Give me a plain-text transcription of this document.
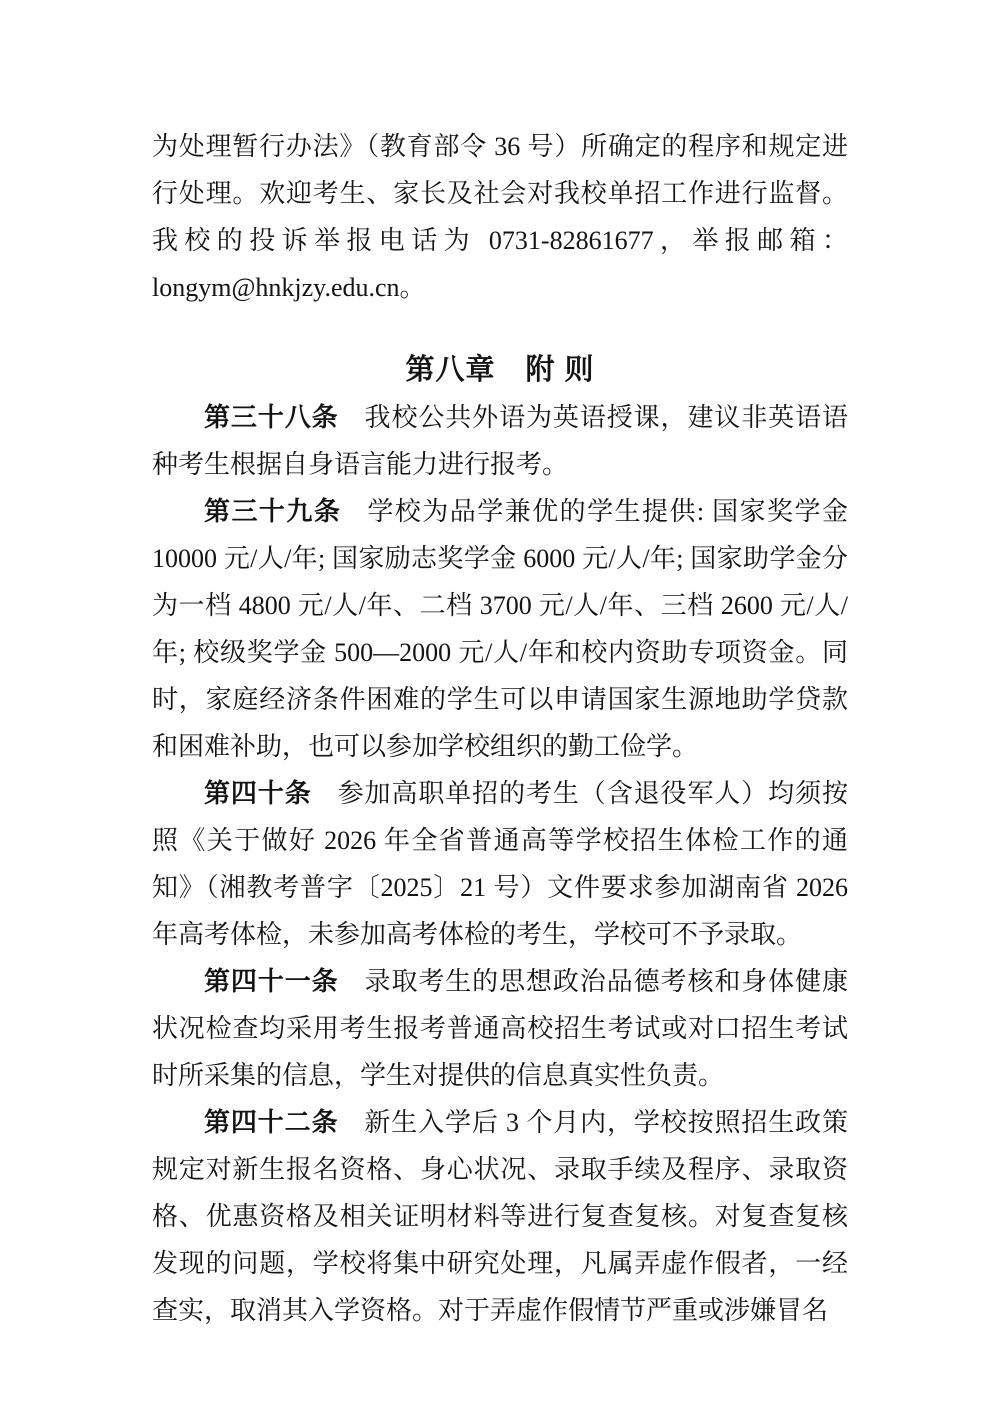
为处理暂行办法》（教育部令 36 号）所确定的程序和规定进行处理。欢迎考生、家长及社会对我校单招工作进行监督。我校的投诉举报电话为 0731-82861677，举报邮箱：longym@hnkjzy.edu.cn。

第八章　附 则

第三十八条 我校公共外语为英语授课，建议非英语语种考生根据自身语言能力进行报考。

第三十九条 学校为品学兼优的学生提供: 国家奖学金 10000 元/人/年; 国家励志奖学金 6000 元/人/年; 国家助学金分为一档 4800 元/人/年、二档 3700 元/人/年、三档 2600 元/人/年; 校级奖学金 500—2000 元/人/年和校内资助专项资金。同时，家庭经济条件困难的学生可以申请国家生源地助学贷款和困难补助，也可以参加学校组织的勤工俭学。

第四十条 参加高职单招的考生（含退役军人）均须按照《关于做好 2026 年全省普通高等学校招生体检工作的通知》（湘教考普字〔2025〕21 号）文件要求参加湖南省 2026 年高考体检，未参加高考体检的考生，学校可不予录取。

第四十一条 录取考生的思想政治品德考核和身体健康状况检查均采用考生报考普通高校招生考试或对口招生考试时所采集的信息，学生对提供的信息真实性负责。

第四十二条 新生入学后 3 个月内，学校按照招生政策规定对新生报名资格、身心状况、录取手续及程序、录取资格、优惠资格及相关证明材料等进行复查复核。对复查复核发现的问题，学校将集中研究处理，凡属弄虚作假者，一经查实，取消其入学资格。对于弄虚作假情节严重或涉嫌冒名
